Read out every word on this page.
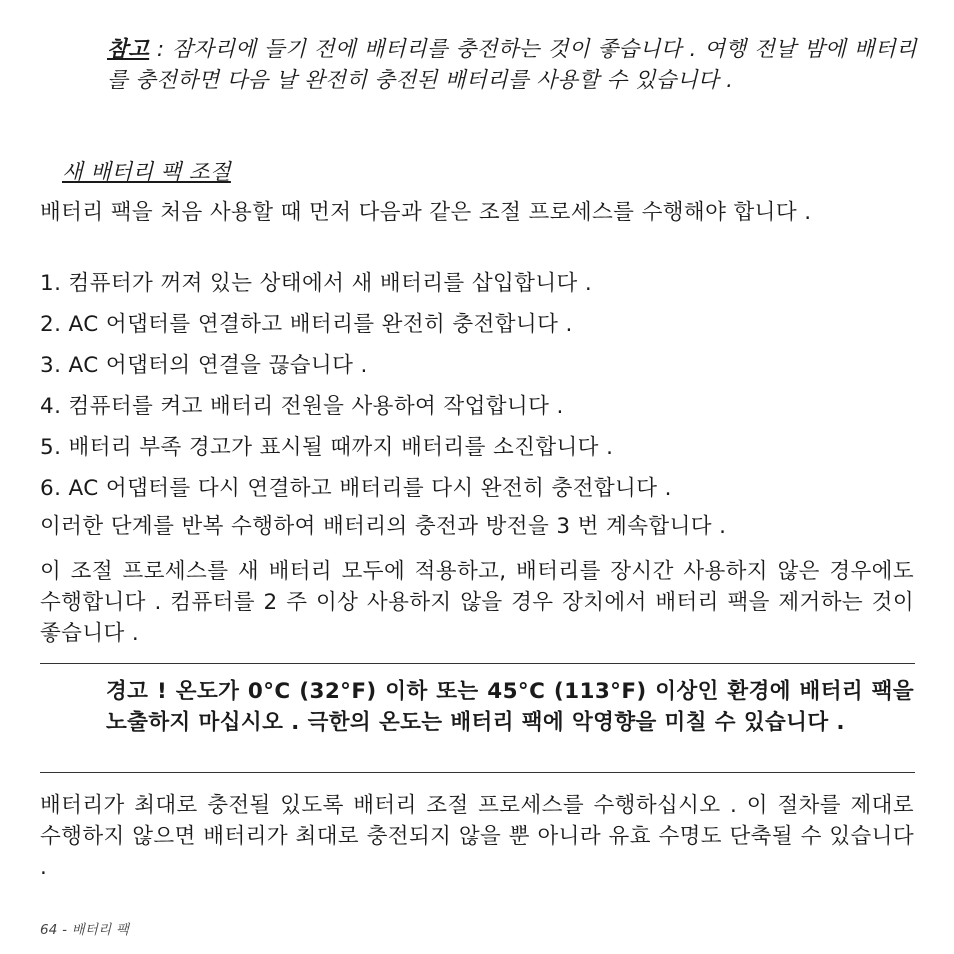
참고 : 잠자리에 들기 전에 배터리를 충전하는 것이 좋습니다 . 여행 전날 밤에 배터리를 충전하면 다음 날 완전히 충전된 배터리를 사용할 수 있습니다 .
새 배터리 팩 조절
배터리 팩을 처음 사용할 때 먼저 다음과 같은 조절 프로세스를 수행해야 합니다 .
1. 컴퓨터가 꺼져 있는 상태에서 새 배터리를 삽입합니다 .
2. AC 어댑터를 연결하고 배터리를 완전히 충전합니다 .
3. AC 어댑터의 연결을 끊습니다 .
4. 컴퓨터를 켜고 배터리 전원을 사용하여 작업합니다 .
5. 배터리 부족 경고가 표시될 때까지 배터리를 소진합니다 .
6. AC 어댑터를 다시 연결하고 배터리를 다시 완전히 충전합니다 .
이러한 단계를 반복 수행하여 배터리의 충전과 방전을 3 번 계속합니다 .
이 조절 프로세스를 새 배터리 모두에 적용하고, 배터리를 장시간 사용하지 않은 경우에도 수행합니다 . 컴퓨터를 2 주 이상 사용하지 않을 경우 장치에서 배터리 팩을 제거하는 것이 좋습니다 .
경고 ! 온도가 0°C (32°F) 이하 또는 45°C (113°F) 이상인 환경에 배터리 팩을 노출하지 마십시오 . 극한의 온도는 배터리 팩에 악영향을 미칠 수 있습니다 .
배터리가 최대로 충전될 있도록 배터리 조절 프로세스를 수행하십시오 . 이 절차를 제대로 수행하지 않으면 배터리가 최대로 충전되지 않을 뿐 아니라 유효 수명도 단축될 수 있습니다 .
64 - 배터리 팩
